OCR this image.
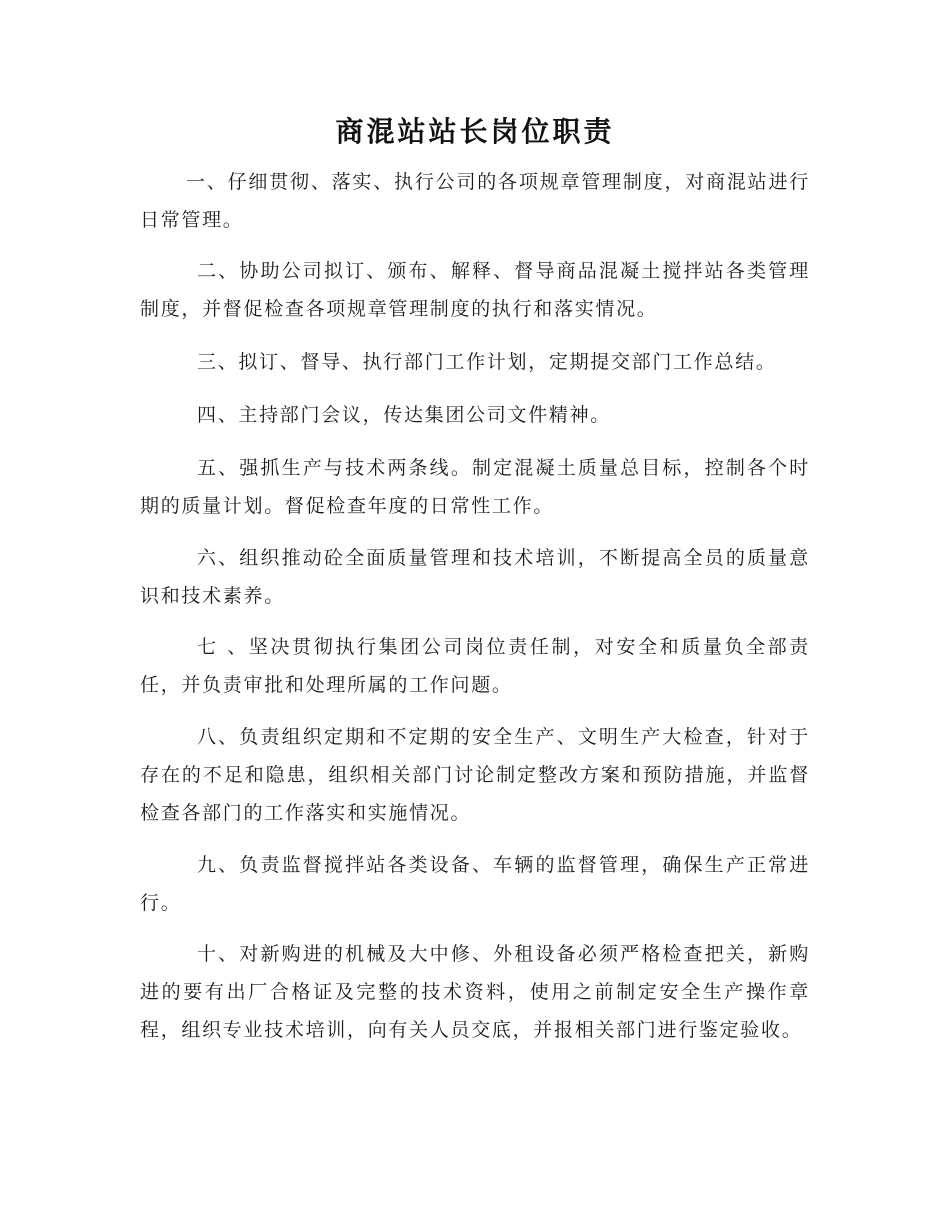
商混站站长岗位职责

一、仔细贯彻、落实、执行公司的各项规章管理制度，对商混站进行日常管理。

二、协助公司拟订、颁布、解释、督导商品混凝土搅拌站各类管理制度，并督促检查各项规章管理制度的执行和落实情况。

三、拟订、督导、执行部门工作计划，定期提交部门工作总结。

四、主持部门会议，传达集团公司文件精神。

五、强抓生产与技术两条线。制定混凝土质量总目标，控制各个时期的质量计划。督促检查年度的日常性工作。

六、组织推动砼全面质量管理和技术培训，不断提高全员的质量意识和技术素养。

七 、坚决贯彻执行集团公司岗位责任制，对安全和质量负全部责任，并负责审批和处理所属的工作问题。

八、负责组织定期和不定期的安全生产、文明生产大检查，针对于存在的不足和隐患，组织相关部门讨论制定整改方案和预防措施，并监督检查各部门的工作落实和实施情况。

九、负责监督搅拌站各类设备、车辆的监督管理，确保生产正常进行。

十、对新购进的机械及大中修、外租设备必须严格检查把关，新购进的要有出厂合格证及完整的技术资料，使用之前制定安全生产操作章程，组织专业技术培训，向有关人员交底，并报相关部门进行鉴定验收。
